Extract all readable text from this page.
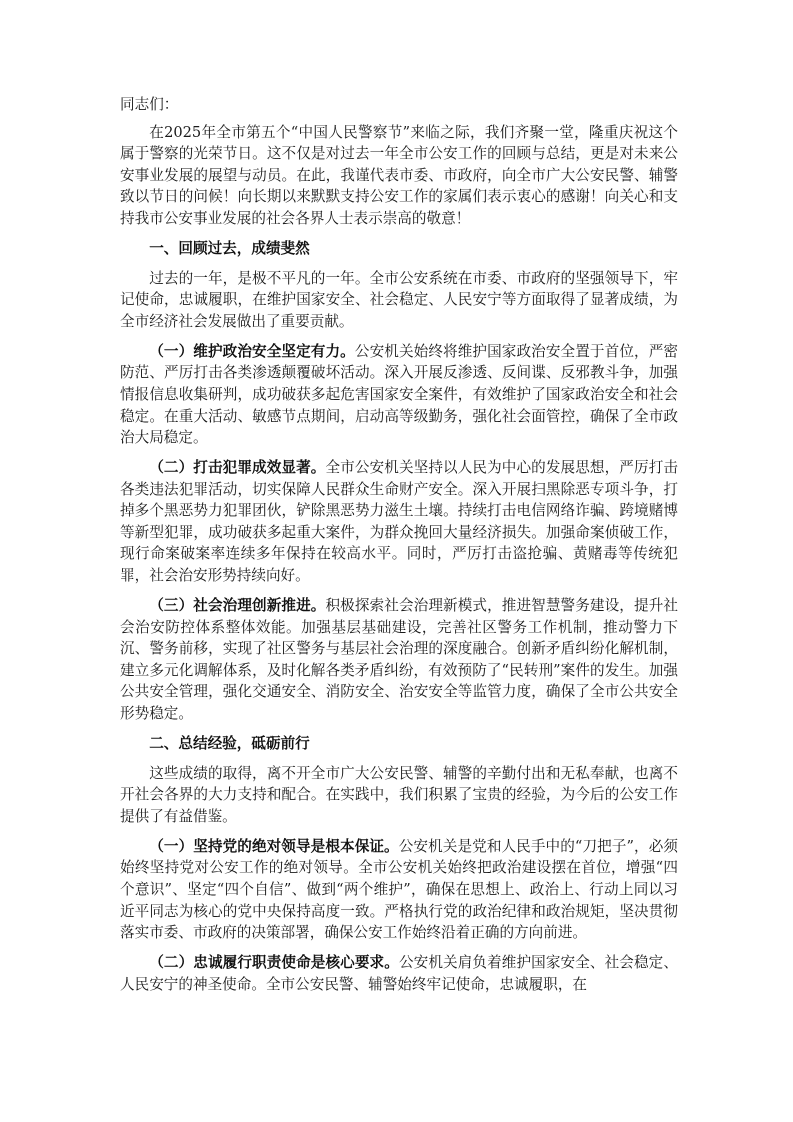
同志们：

在2025年全市第五个“中国人民警察节”来临之际，我们齐聚一堂，隆重庆祝这个属于警察的光荣节日。这不仅是对过去一年全市公安工作的回顾与总结，更是对未来公安事业发展的展望与动员。在此，我谨代表市委、市政府，向全市广大公安民警、辅警致以节日的问候！向长期以来默默支持公安工作的家属们表示衷心的感谢！向关心和支持我市公安事业发展的社会各界人士表示崇高的敬意！

一、回顾过去，成绩斐然

过去的一年，是极不平凡的一年。全市公安系统在市委、市政府的坚强领导下，牢记使命，忠诚履职，在维护国家安全、社会稳定、人民安宁等方面取得了显著成绩，为全市经济社会发展做出了重要贡献。

（一）维护政治安全坚定有力。公安机关始终将维护国家政治安全置于首位，严密防范、严厉打击各类渗透颠覆破坏活动。深入开展反渗透、反间谍、反邪教斗争，加强情报信息收集研判，成功破获多起危害国家安全案件，有效维护了国家政治安全和社会稳定。在重大活动、敏感节点期间，启动高等级勤务，强化社会面管控，确保了全市政治大局稳定。

（二）打击犯罪成效显著。全市公安机关坚持以人民为中心的发展思想，严厉打击各类违法犯罪活动，切实保障人民群众生命财产安全。深入开展扫黑除恶专项斗争，打掉多个黑恶势力犯罪团伙，铲除黑恶势力滋生土壤。持续打击电信网络诈骗、跨境赌博等新型犯罪，成功破获多起重大案件，为群众挽回大量经济损失。加强命案侦破工作，现行命案破案率连续多年保持在较高水平。同时，严厉打击盗抢骗、黄赌毒等传统犯罪，社会治安形势持续向好。

（三）社会治理创新推进。积极探索社会治理新模式，推进智慧警务建设，提升社会治安防控体系整体效能。加强基层基础建设，完善社区警务工作机制，推动警力下沉、警务前移，实现了社区警务与基层社会治理的深度融合。创新矛盾纠纷化解机制，建立多元化调解体系，及时化解各类矛盾纠纷，有效预防了“民转刑”案件的发生。加强公共安全管理，强化交通安全、消防安全、治安安全等监管力度，确保了全市公共安全形势稳定。

二、总结经验，砥砺前行

这些成绩的取得，离不开全市广大公安民警、辅警的辛勤付出和无私奉献，也离不开社会各界的大力支持和配合。在实践中，我们积累了宝贵的经验，为今后的公安工作提供了有益借鉴。

（一）坚持党的绝对领导是根本保证。公安机关是党和人民手中的“刀把子”，必须始终坚持党对公安工作的绝对领导。全市公安机关始终把政治建设摆在首位，增强“四个意识”、坚定“四个自信”、做到“两个维护”，确保在思想上、政治上、行动上同以习近平同志为核心的党中央保持高度一致。严格执行党的政治纪律和政治规矩，坚决贯彻落实市委、市政府的决策部署，确保公安工作始终沿着正确的方向前进。

（二）忠诚履行职责使命是核心要求。公安机关肩负着维护国家安全、社会稳定、人民安宁的神圣使命。全市公安民警、辅警始终牢记使命，忠诚履职，在
